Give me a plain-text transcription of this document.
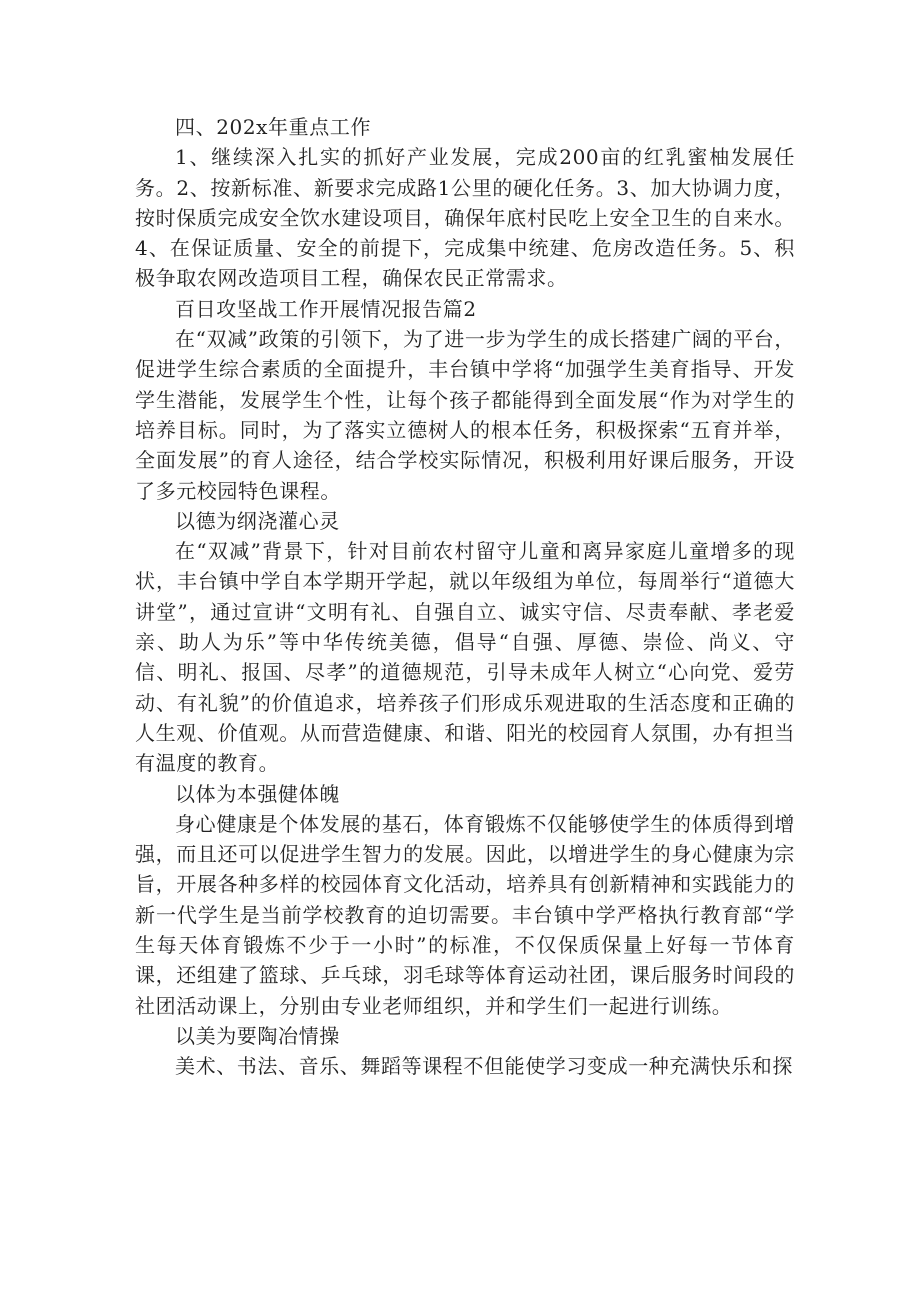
四、202x年重点工作

1、继续深入扎实的抓好产业发展，完成200亩的红乳蜜柚发展任务。2、按新标准、新要求完成路1公里的硬化任务。3、加大协调力度，按时保质完成安全饮水建设项目，确保年底村民吃上安全卫生的自来水。4、在保证质量、安全的前提下，完成集中统建、危房改造任务。5、积极争取农网改造项目工程，确保农民正常需求。

百日攻坚战工作开展情况报告篇2

在“双减”政策的引领下，为了进一步为学生的成长搭建广阔的平台，促进学生综合素质的全面提升，丰台镇中学将“加强学生美育指导、开发学生潜能，发展学生个性，让每个孩子都能得到全面发展“作为对学生的培养目标。同时，为了落实立德树人的根本任务，积极探索“五育并举，全面发展”的育人途径，结合学校实际情况，积极利用好课后服务，开设了多元校园特色课程。

以德为纲浇灌心灵

在“双减”背景下，针对目前农村留守儿童和离异家庭儿童增多的现状，丰台镇中学自本学期开学起，就以年级组为单位，每周举行“道德大讲堂”，通过宣讲“文明有礼、自强自立、诚实守信、尽责奉献、孝老爱亲、助人为乐”等中华传统美德，倡导“自强、厚德、崇俭、尚义、守信、明礼、报国、尽孝”的道德规范，引导未成年人树立“心向党、爱劳动、有礼貌”的价值追求，培养孩子们形成乐观进取的生活态度和正确的人生观、价值观。从而营造健康、和谐、阳光的校园育人氛围，办有担当有温度的教育。

以体为本强健体魄

身心健康是个体发展的基石，体育锻炼不仅能够使学生的体质得到增强，而且还可以促进学生智力的发展。因此，以增进学生的身心健康为宗旨，开展各种多样的校园体育文化活动，培养具有创新精神和实践能力的新一代学生是当前学校教育的迫切需要。丰台镇中学严格执行教育部“学生每天体育锻炼不少于一小时”的标准，不仅保质保量上好每一节体育课，还组建了篮球、乒乓球，羽毛球等体育运动社团，课后服务时间段的社团活动课上，分别由专业老师组织，并和学生们一起进行训练。

以美为要陶冶情操

美术、书法、音乐、舞蹈等课程不但能使学习变成一种充满快乐和探
